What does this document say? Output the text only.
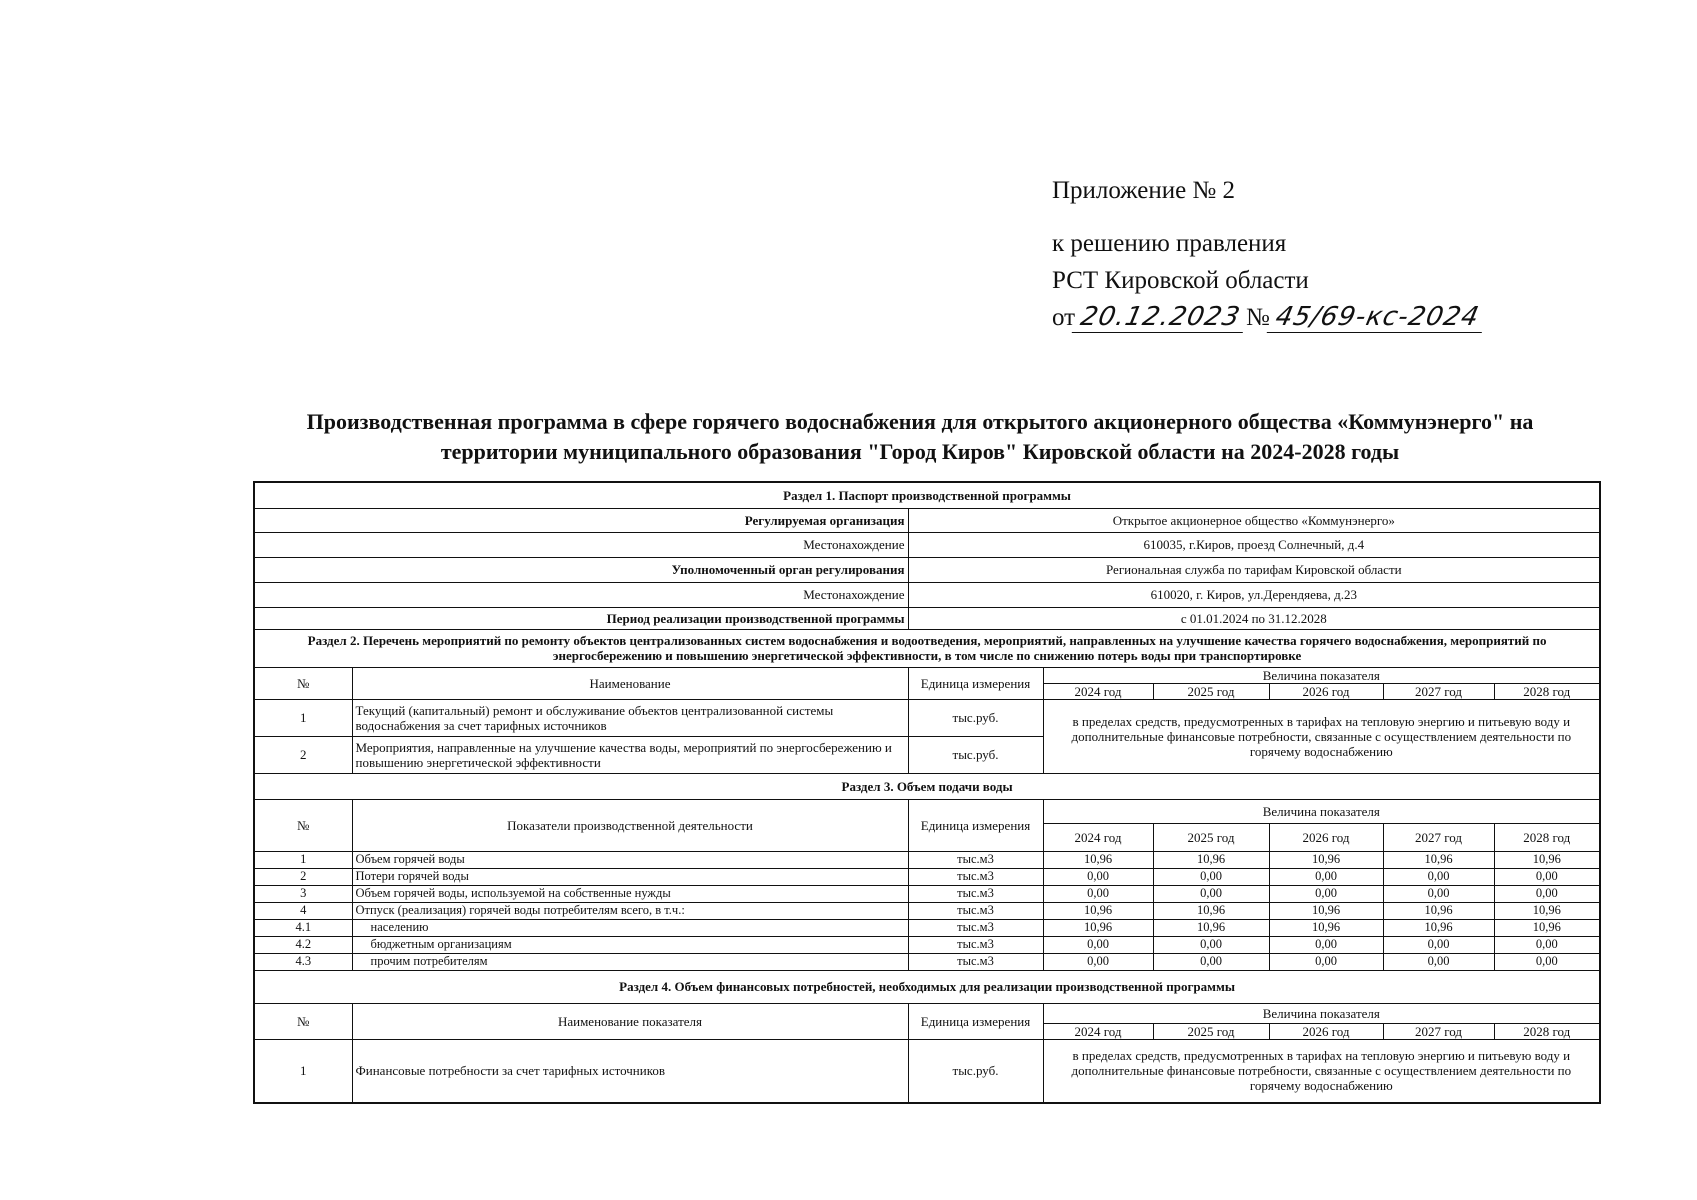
Приложение № 2
к решению правления
РСТ Кировской области
от 20.12.2023 № 45/69-кс-2024
Производственная программа в сфере горячего водоснабжения для открытого акционерного общества «Коммунэнерго" на
территории муниципального образования "Город Киров" Кировской области на 2024-2028 годы
Раздел 1. Паспорт производственной программы							
Регулируемая организация		Открытое акционерное общество «Коммунэнерго»					
Местонахождение		610035, г.Киров, проезд Солнечный, д.4					
Уполномоченный орган регулирования		Региональная служба по тарифам Кировской области					
Местонахождение		610020, г. Киров, ул.Дерендяева, д.23					
Период реализации производственной программы		с 01.01.2024 по 31.12.2028					
Раздел 2. Перечень мероприятий по ремонту объектов централизованных систем водоснабжения и водоотведения, мероприятий, направленных на улучшение качества горячего водоснабжения, мероприятий по энергосбережению и повышению энергетической эффективности, в том числе по снижению потерь воды при транспортировке							
№	Наименование	Единица измерения	Величина показателя				
			2024 год	2025 год	2026 год	2027 год	2028 год
1	Текущий (капитальный) ремонт и обслуживание объектов централизованной системы водоснабжения за счет тарифных источников	тыс.руб.	в пределах средств, предусмотренных в тарифах на тепловую энергию и питьевую воду и дополнительные финансовые потребности, связанные с осуществлением деятельности по горячему водоснабжению				
2	Мероприятия, направленные на улучшение качества воды, мероприятий по энергосбережению и повышению энергетической эффективности	тыс.руб.					
Раздел 3. Объем подачи воды							
№	Показатели производственной деятельности	Единица измерения	Величина показателя				
			2024 год	2025 год	2026 год	2027 год	2028 год
1	Объем горячей воды	тыс.м3	10,96	10,96	10,96	10,96	10,96
2	Потери горячей воды	тыс.м3	0,00	0,00	0,00	0,00	0,00
3	Объем горячей воды, используемой на собственные нужды	тыс.м3	0,00	0,00	0,00	0,00	0,00
4	Отпуск (реализация) горячей воды потребителям всего, в т.ч.:	тыс.м3	10,96	10,96	10,96	10,96	10,96
4.1	населению	тыс.м3	10,96	10,96	10,96	10,96	10,96
4.2	бюджетным организациям	тыс.м3	0,00	0,00	0,00	0,00	0,00
4.3	прочим потребителям	тыс.м3	0,00	0,00	0,00	0,00	0,00
Раздел 4. Объем финансовых потребностей, необходимых для реализации производственной программы							
№	Наименование показателя	Единица измерения	Величина показателя				
			2024 год	2025 год	2026 год	2027 год	2028 год
1	Финансовые потребности за счет тарифных источников	тыс.руб.	в пределах средств, предусмотренных в тарифах на тепловую энергию и питьевую воду и дополнительные финансовые потребности, связанные с осуществлением деятельности по горячему водоснабжению				
